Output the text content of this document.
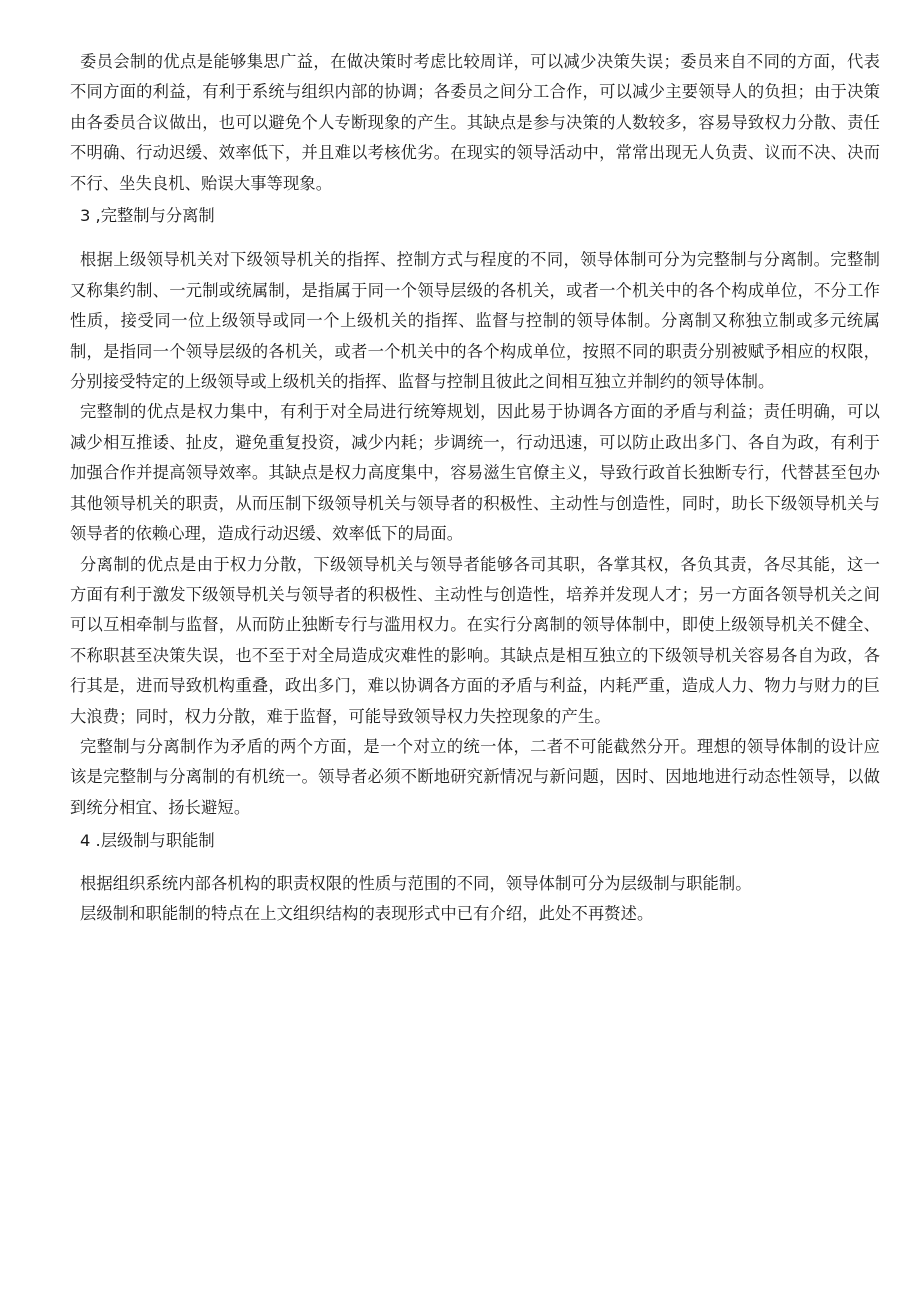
委员会制的优点是能够集思广益，在做决策时考虑比较周详，可以减少决策失误；委员来自不同的方面，代表不同方面的利益，有利于系统与组织内部的协调；各委员之间分工合作，可以减少主要领导人的负担；由于决策由各委员合议做出，也可以避免个人专断现象的产生。其缺点是参与决策的人数较多，容易导致权力分散、责任不明确、行动迟缓、效率低下，并且难以考核优劣。在现实的领导活动中，常常出现无人负责、议而不决、决而不行、坐失良机、贻误大事等现象。

3 ,完整制与分离制

根据上级领导机关对下级领导机关的指挥、控制方式与程度的不同，领导体制可分为完整制与分离制。完整制又称集约制、一元制或统属制，是指属于同一个领导层级的各机关，或者一个机关中的各个构成单位，不分工作性质，接受同一位上级领导或同一个上级机关的指挥、监督与控制的领导体制。分离制又称独立制或多元统属制，是指同一个领导层级的各机关，或者一个机关中的各个构成单位，按照不同的职责分别被赋予相应的权限，分别接受特定的上级领导或上级机关的指挥、监督与控制且彼此之间相互独立并制约的领导体制。

完整制的优点是权力集中，有利于对全局进行统筹规划，因此易于协调各方面的矛盾与利益；责任明确，可以减少相互推诿、扯皮，避免重复投资，减少内耗；步调统一，行动迅速，可以防止政出多门、各自为政，有利于加强合作并提高领导效率。其缺点是权力高度集中，容易滋生官僚主义，导致行政首长独断专行，代替甚至包办其他领导机关的职责，从而压制下级领导机关与领导者的积极性、主动性与创造性，同时，助长下级领导机关与领导者的依赖心理，造成行动迟缓、效率低下的局面。

分离制的优点是由于权力分散，下级领导机关与领导者能够各司其职，各掌其权，各负其责，各尽其能，这一方面有利于激发下级领导机关与领导者的积极性、主动性与创造性，培养并发现人才；另一方面各领导机关之间可以互相牵制与监督，从而防止独断专行与滥用权力。在实行分离制的领导体制中，即使上级领导机关不健全、不称职甚至决策失误，也不至于对全局造成灾难性的影响。其缺点是相互独立的下级领导机关容易各自为政，各行其是，进而导致机构重叠，政出多门，难以协调各方面的矛盾与利益，内耗严重，造成人力、物力与财力的巨大浪费；同时，权力分散，难于监督，可能导致领导权力失控现象的产生。

完整制与分离制作为矛盾的两个方面，是一个对立的统一体，二者不可能截然分开。理想的领导体制的设计应该是完整制与分离制的有机统一。领导者必须不断地研究新情况与新问题，因时、因地地进行动态性领导，以做到统分相宜、扬长避短。

4 .层级制与职能制

根据组织系统内部各机构的职责权限的性质与范围的不同，领导体制可分为层级制与职能制。

层级制和职能制的特点在上文组织结构的表现形式中已有介绍，此处不再赘述。
